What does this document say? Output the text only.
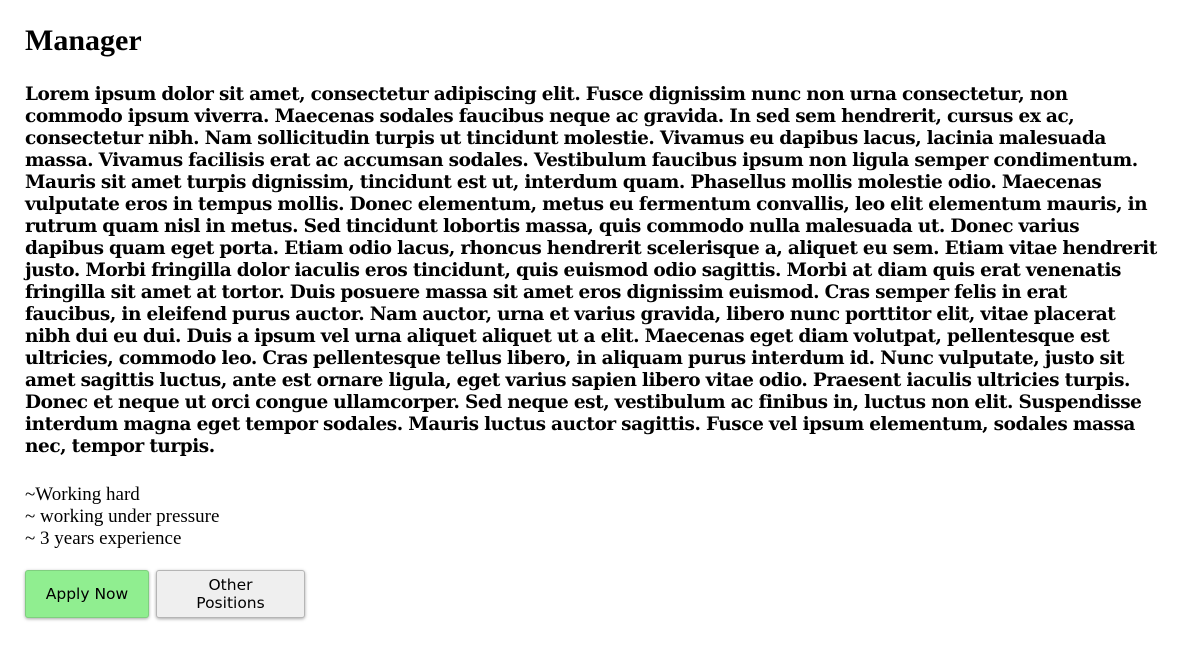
Manager

Lorem ipsum dolor sit amet, consectetur adipiscing elit. Fusce dignissim nunc non urna consectetur, non commodo ipsum viverra. Maecenas sodales faucibus neque ac gravida. In sed sem hendrerit, cursus ex ac, consectetur nibh. Nam sollicitudin turpis ut tincidunt molestie. Vivamus eu dapibus lacus, lacinia malesuada massa. Vivamus facilisis erat ac accumsan sodales. Vestibulum faucibus ipsum non ligula semper condimentum. Mauris sit amet turpis dignissim, tincidunt est ut, interdum quam. Phasellus mollis molestie odio. Maecenas vulputate eros in tempus mollis. Donec elementum, metus eu fermentum convallis, leo elit elementum mauris, in rutrum quam nisl in metus. Sed tincidunt lobortis massa, quis commodo nulla malesuada ut. Donec varius dapibus quam eget porta. Etiam odio lacus, rhoncus hendrerit scelerisque a, aliquet eu sem. Etiam vitae hendrerit justo. Morbi fringilla dolor iaculis eros tincidunt, quis euismod odio sagittis. Morbi at diam quis erat venenatis fringilla sit amet at tortor. Duis posuere massa sit amet eros dignissim euismod. Cras semper felis in erat faucibus, in eleifend purus auctor. Nam auctor, urna et varius gravida, libero nunc porttitor elit, vitae placerat nibh dui eu dui. Duis a ipsum vel urna aliquet aliquet ut a elit. Maecenas eget diam volutpat, pellentesque est ultricies, commodo leo. Cras pellentesque tellus libero, in aliquam purus interdum id. Nunc vulputate, justo sit amet sagittis luctus, ante est ornare ligula, eget varius sapien libero vitae odio. Praesent iaculis ultricies turpis. Donec et neque ut orci congue ullamcorper. Sed neque est, vestibulum ac finibus in, luctus non elit. Suspendisse interdum magna eget tempor sodales. Mauris luctus auctor sagittis. Fusce vel ipsum elementum, sodales massa nec, tempor turpis.

~Working hard
~ working under pressure
~ 3 years experience
Apply Now	Other Positions
